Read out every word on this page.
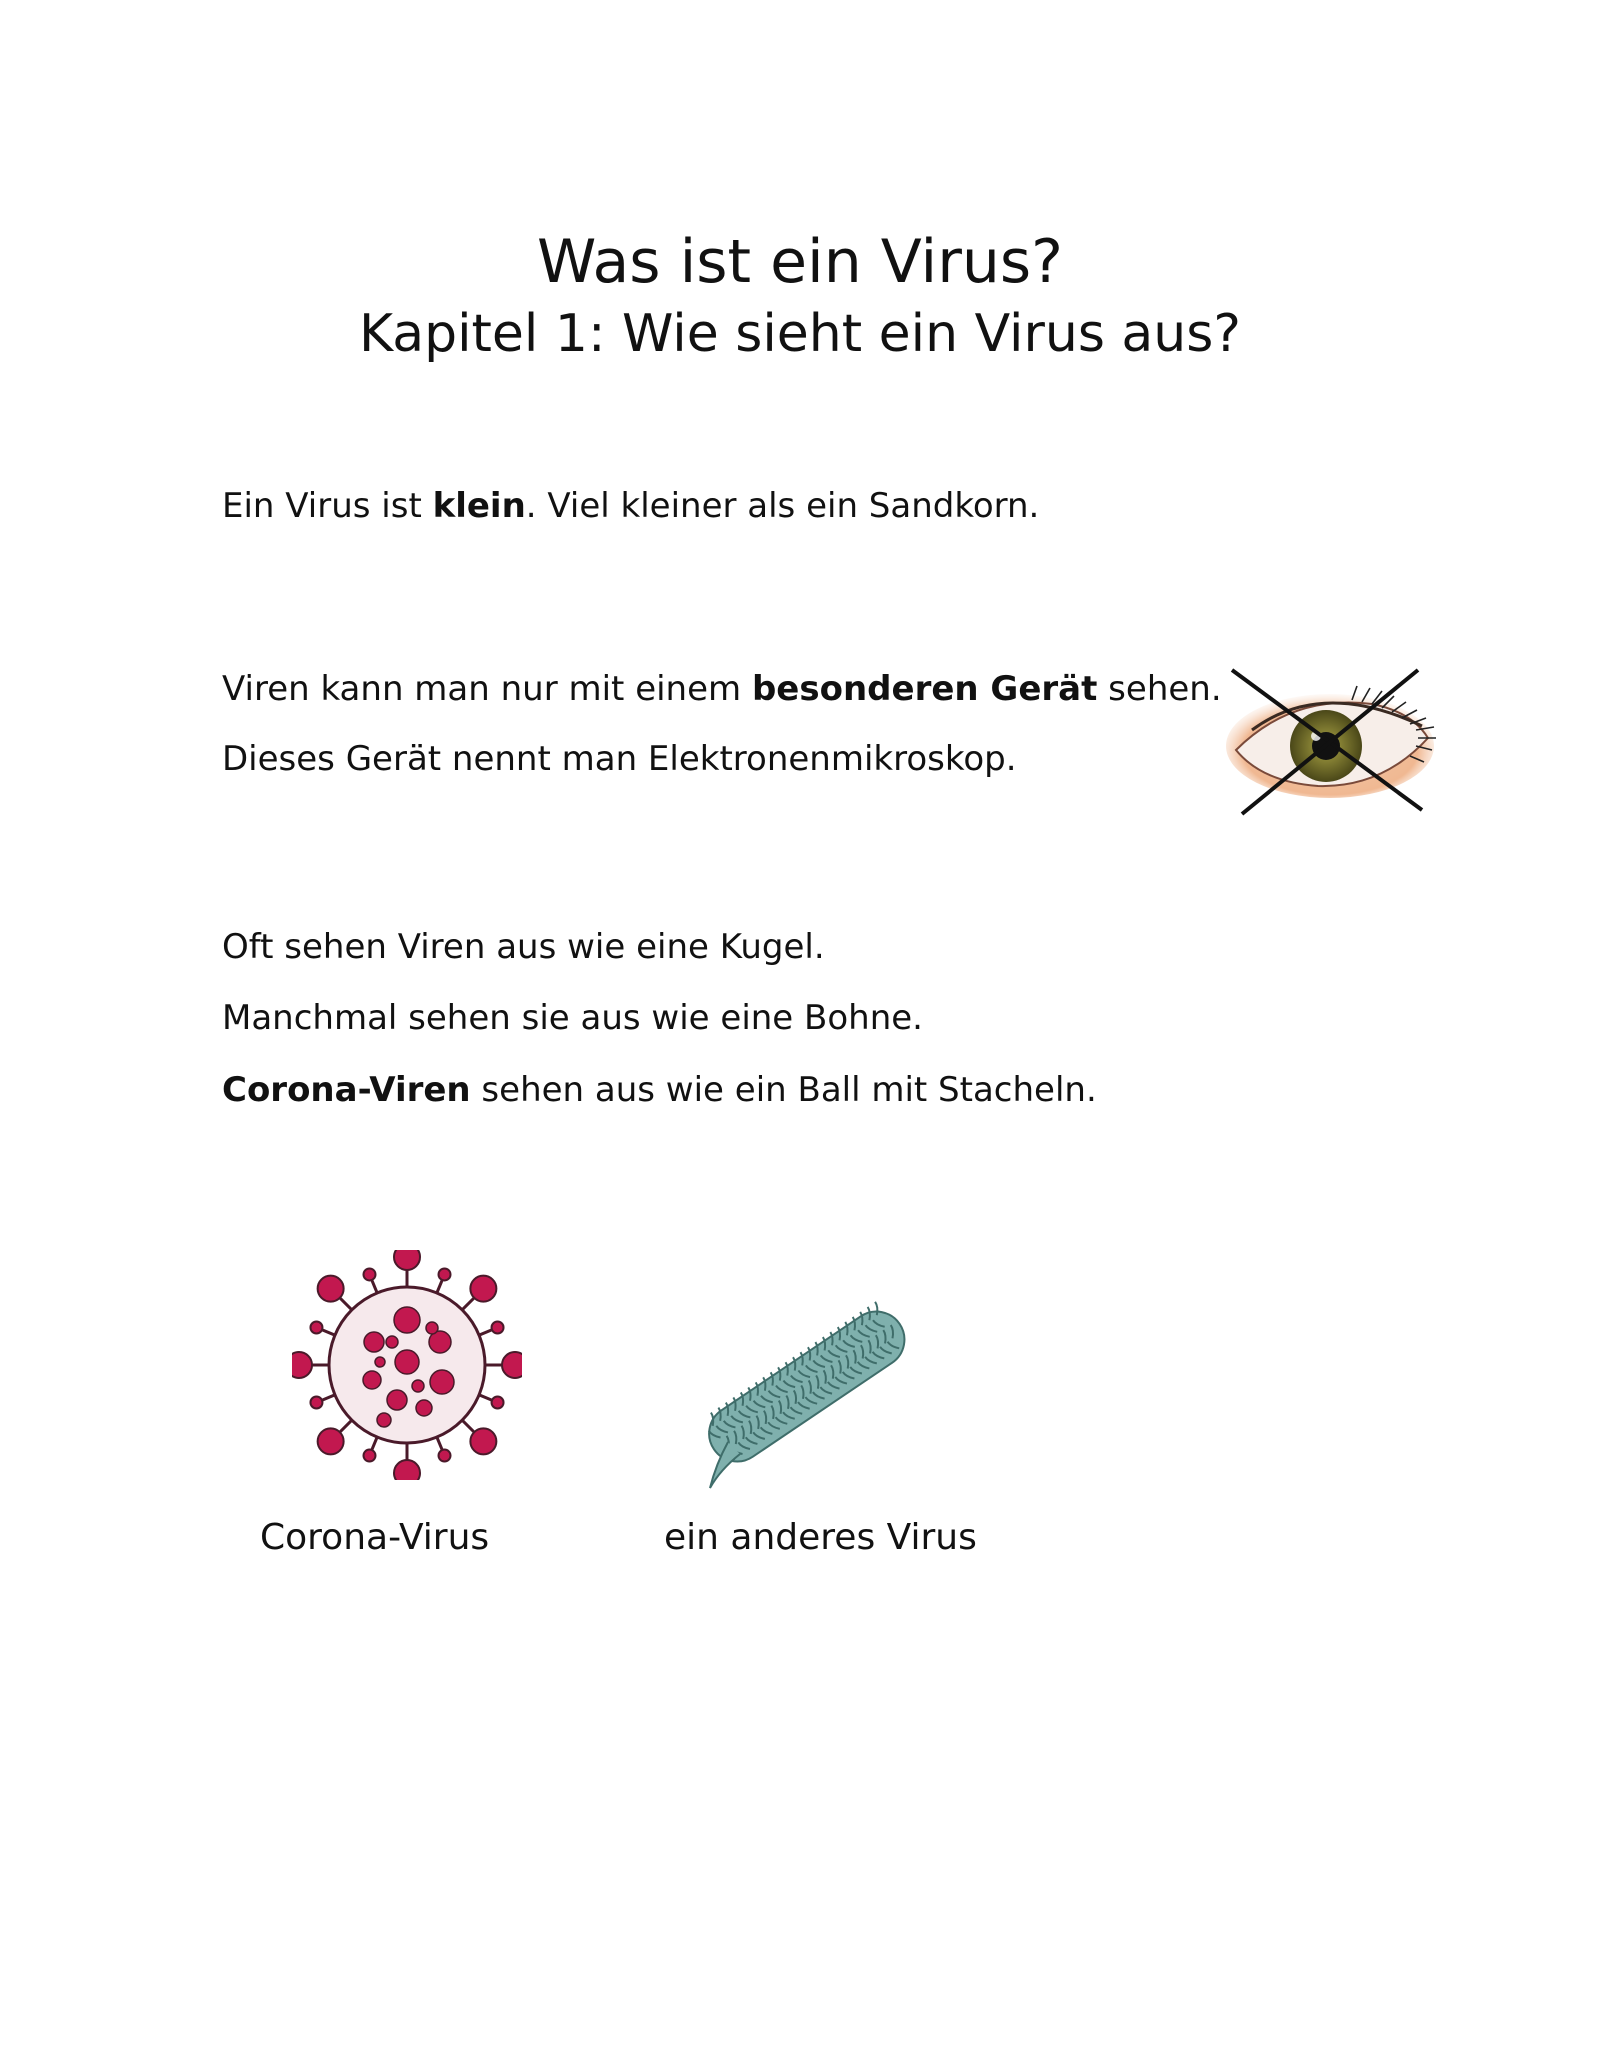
Was ist ein Virus?
Kapitel 1: Wie sieht ein Virus aus?

Ein Virus ist klein. Viel kleiner als ein Sandkorn.

Viren kann man nur mit einem besonderen Gerät sehen.

Dieses Gerät nennt man Elektronenmikroskop.

Oft sehen Viren aus wie eine Kugel.

Manchmal sehen sie aus wie eine Bohne.

Corona-Viren sehen aus wie ein Ball mit Stacheln.

Corona-Virus	ein anderes Virus
